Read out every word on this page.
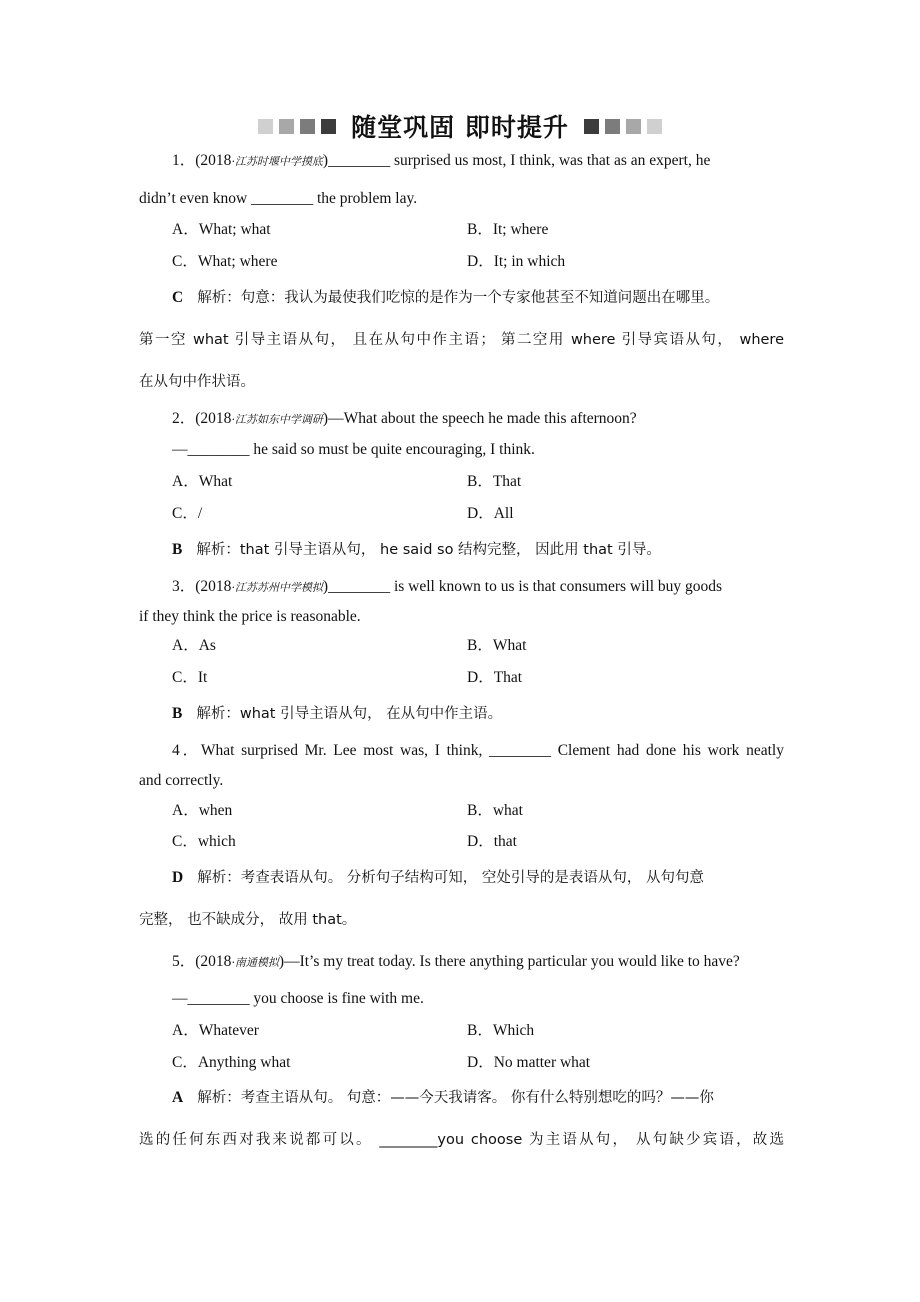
随堂巩固 即时提升
1．(2018·江苏时堰中学摸底)________ surprised us most, I think, was that as an expert, he
didn’t even know ________ the problem lay.
A．What; what	B．It; where
C．What; where	D．It; in which
C 解析：句意：我认为最使我们吃惊的是作为一个专家他甚至不知道问题出在哪里。
第一空 what 引导主语从句， 且在从句中作主语； 第二空用 where 引导宾语从句， where
在从句中作状语。
2．(2018·江苏如东中学调研)—What about the speech he made this afternoon?
—________ he said so must be quite encouraging, I think.
A．What	B．That
C．/	D．All
B 解析：that 引导主语从句， he said so 结构完整， 因此用 that 引导。
3．(2018·江苏苏州中学模拟)________ is well known to us is that consumers will buy goods
if they think the price is reasonable.
A．As	B．What
C．It	D．That
B 解析：what 引导主语从句， 在从句中作主语。
4．What surprised Mr. Lee most was, I think, ________ Clement had done his work neatly
and correctly.
A．when	B．what
C．which	D．that
D 解析：考查表语从句。 分析句子结构可知， 空处引导的是表语从句， 从句句意
完整， 也不缺成分， 故用 that。
5．(2018·南通模拟)—It’s my treat today. Is there anything particular you would like to have?
—________ you choose is fine with me.
A．Whatever	B．Which
C．Anything what	D．No matter what
A 解析：考查主语从句。 句意：——今天我请客。 你有什么特别想吃的吗？——你
选的任何东西对我来说都可以。 ________you choose 为主语从句， 从句缺少宾语，故选
